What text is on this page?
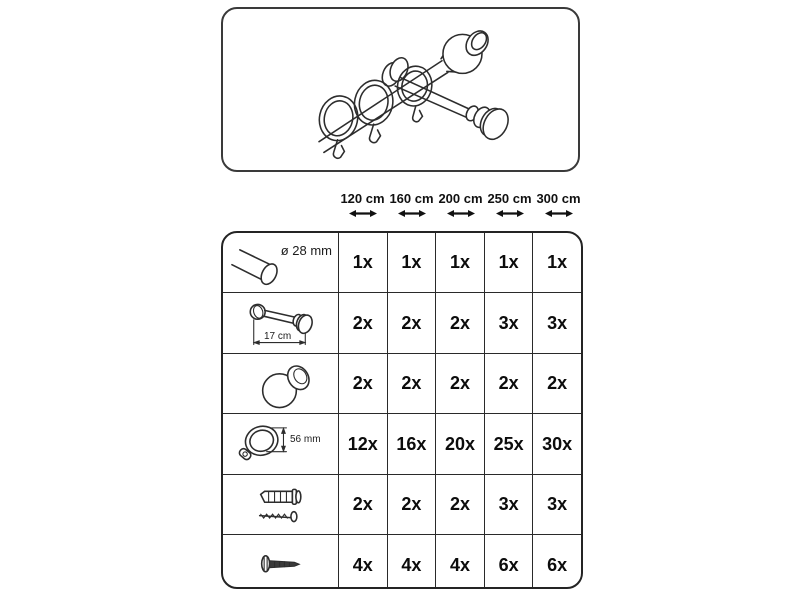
120 cm 160 cm 200 cm 250 cm 300 cm
ø 28 mm
1x	1x	1x	1x	1x
17 cm
2x	2x	2x	3x	3x
2x	2x	2x	2x	2x
56 mm	12x	16x	20x	25x	30x
2x	2x	2x	3x	3x
4x	4x	4x	6x	6x
